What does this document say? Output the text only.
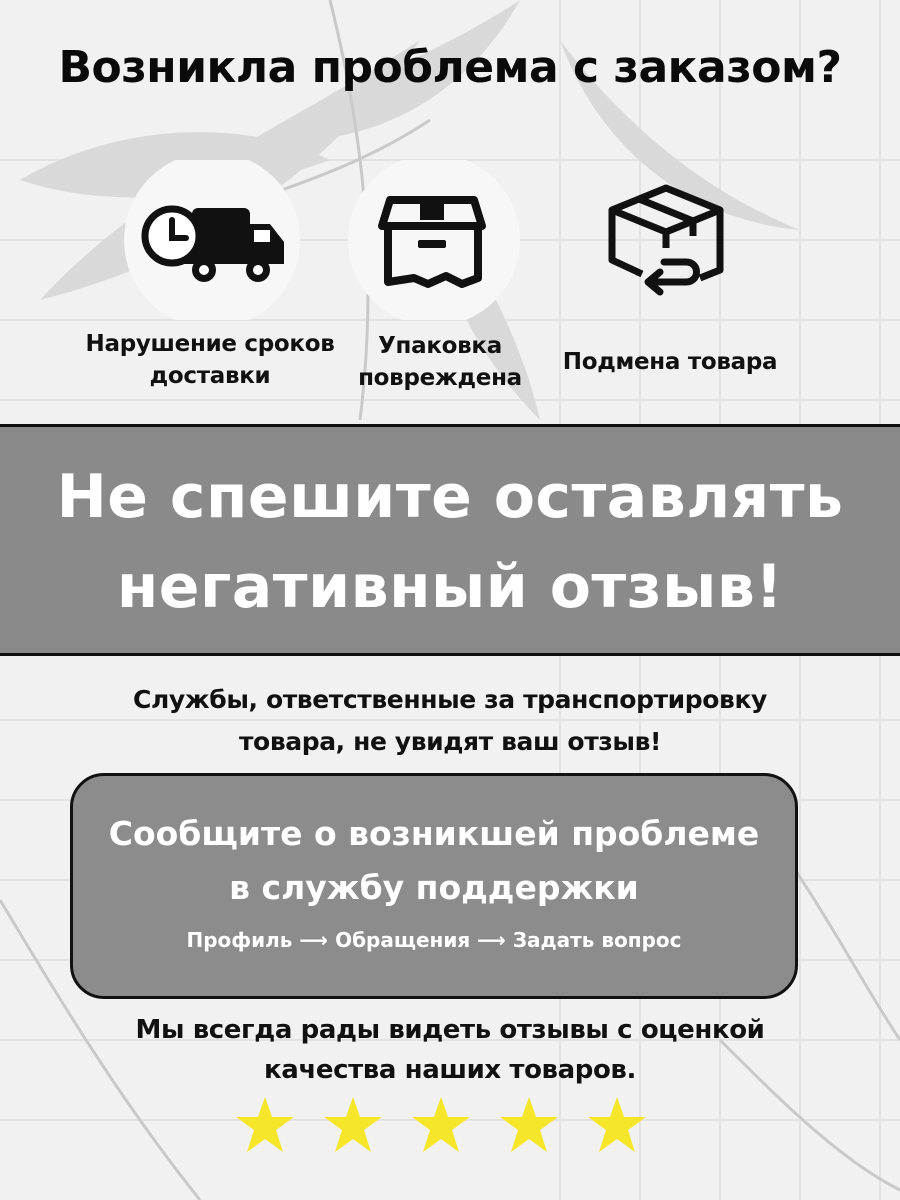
Возникла проблема с заказом?
Нарушение сроков
доставки
Упаковка
повреждена
Подмена товара
Не спешите оставлять
негативный отзыв!
Службы, ответственные за транспортировку
товара, не увидят ваш отзыв!
Сообщите о возникшей проблеме
в службу поддержки
Профиль ⟶ Обращения ⟶ Задать вопрос
Мы всегда рады видеть отзывы с оценкой
качества наших товаров.
